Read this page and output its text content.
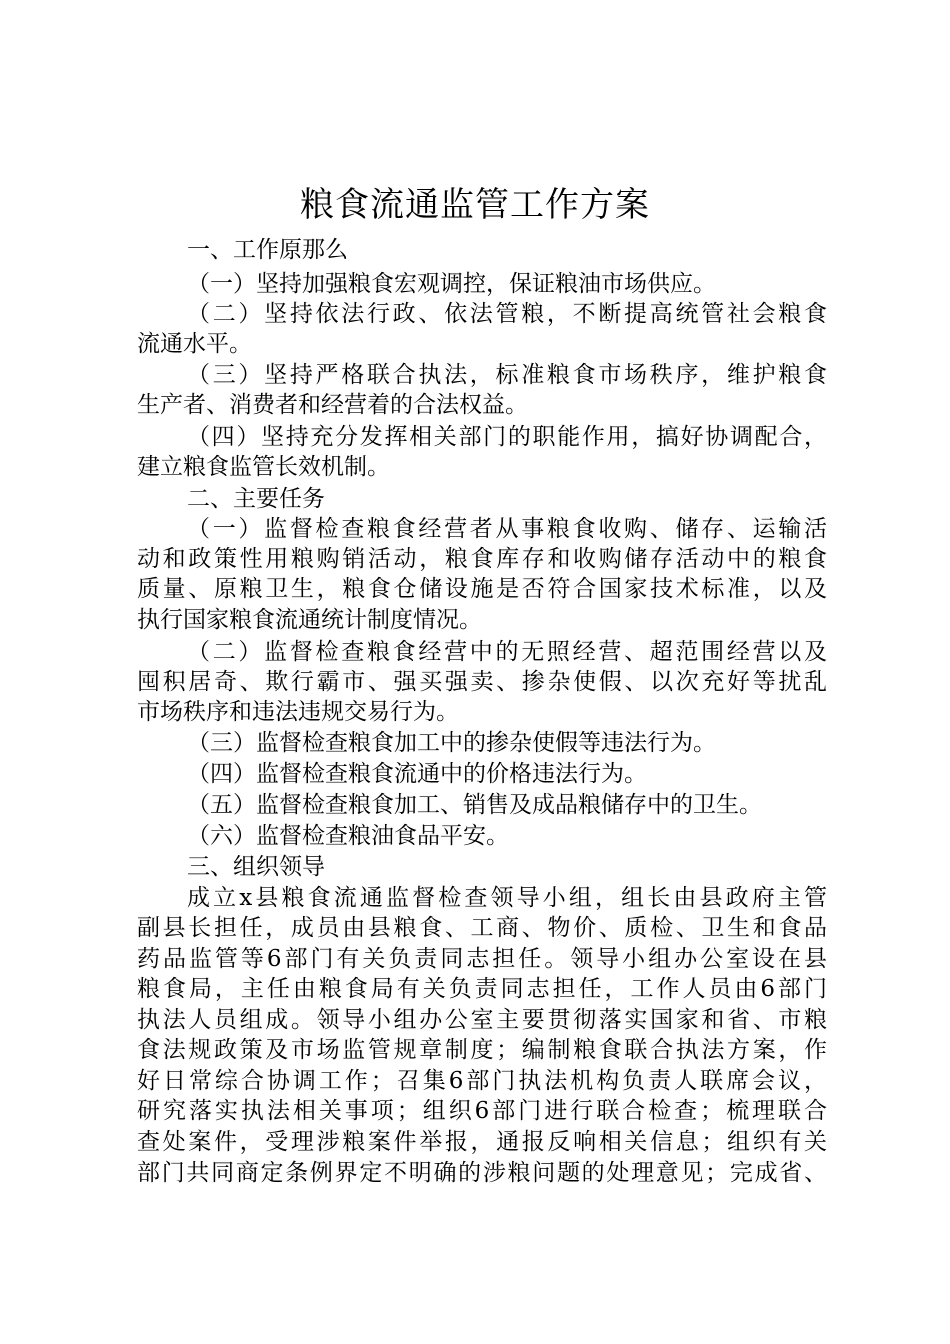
粮食流通监管工作方案
一、工作原那么
（一）坚持加强粮食宏观调控，保证粮油市场供应。
（二）坚持依法行政、依法管粮，不断提高统管社会粮食
流通水平。
（三）坚持严格联合执法，标准粮食市场秩序，维护粮食
生产者、消费者和经营着的合法权益。
（四）坚持充分发挥相关部门的职能作用，搞好协调配合，
建立粮食监管长效机制。
二、主要任务
（一）监督检查粮食经营者从事粮食收购、储存、运输活
动和政策性用粮购销活动，粮食库存和收购储存活动中的粮食
质量、原粮卫生，粮食仓储设施是否符合国家技术标准，以及
执行国家粮食流通统计制度情况。
（二）监督检查粮食经营中的无照经营、超范围经营以及
囤积居奇、欺行霸市、强买强卖、掺杂使假、以次充好等扰乱
市场秩序和违法违规交易行为。
（三）监督检查粮食加工中的掺杂使假等违法行为。
（四）监督检查粮食流通中的价格违法行为。
（五）监督检查粮食加工、销售及成品粮储存中的卫生。
（六）监督检查粮油食品平安。
三、组织领导
成立x县粮食流通监督检查领导小组，组长由县政府主管
副县长担任，成员由县粮食、工商、物价、质检、卫生和食品
药品监管等6部门有关负责同志担任。领导小组办公室设在县
粮食局，主任由粮食局有关负责同志担任，工作人员由6部门
执法人员组成。领导小组办公室主要贯彻落实国家和省、市粮
食法规政策及市场监管规章制度；编制粮食联合执法方案，作
好日常综合协调工作；召集6部门执法机构负责人联席会议，
研究落实执法相关事项；组织6部门进行联合检查；梳理联合
查处案件，受理涉粮案件举报，通报反响相关信息；组织有关
部门共同商定条例界定不明确的涉粮问题的处理意见；完成省、
